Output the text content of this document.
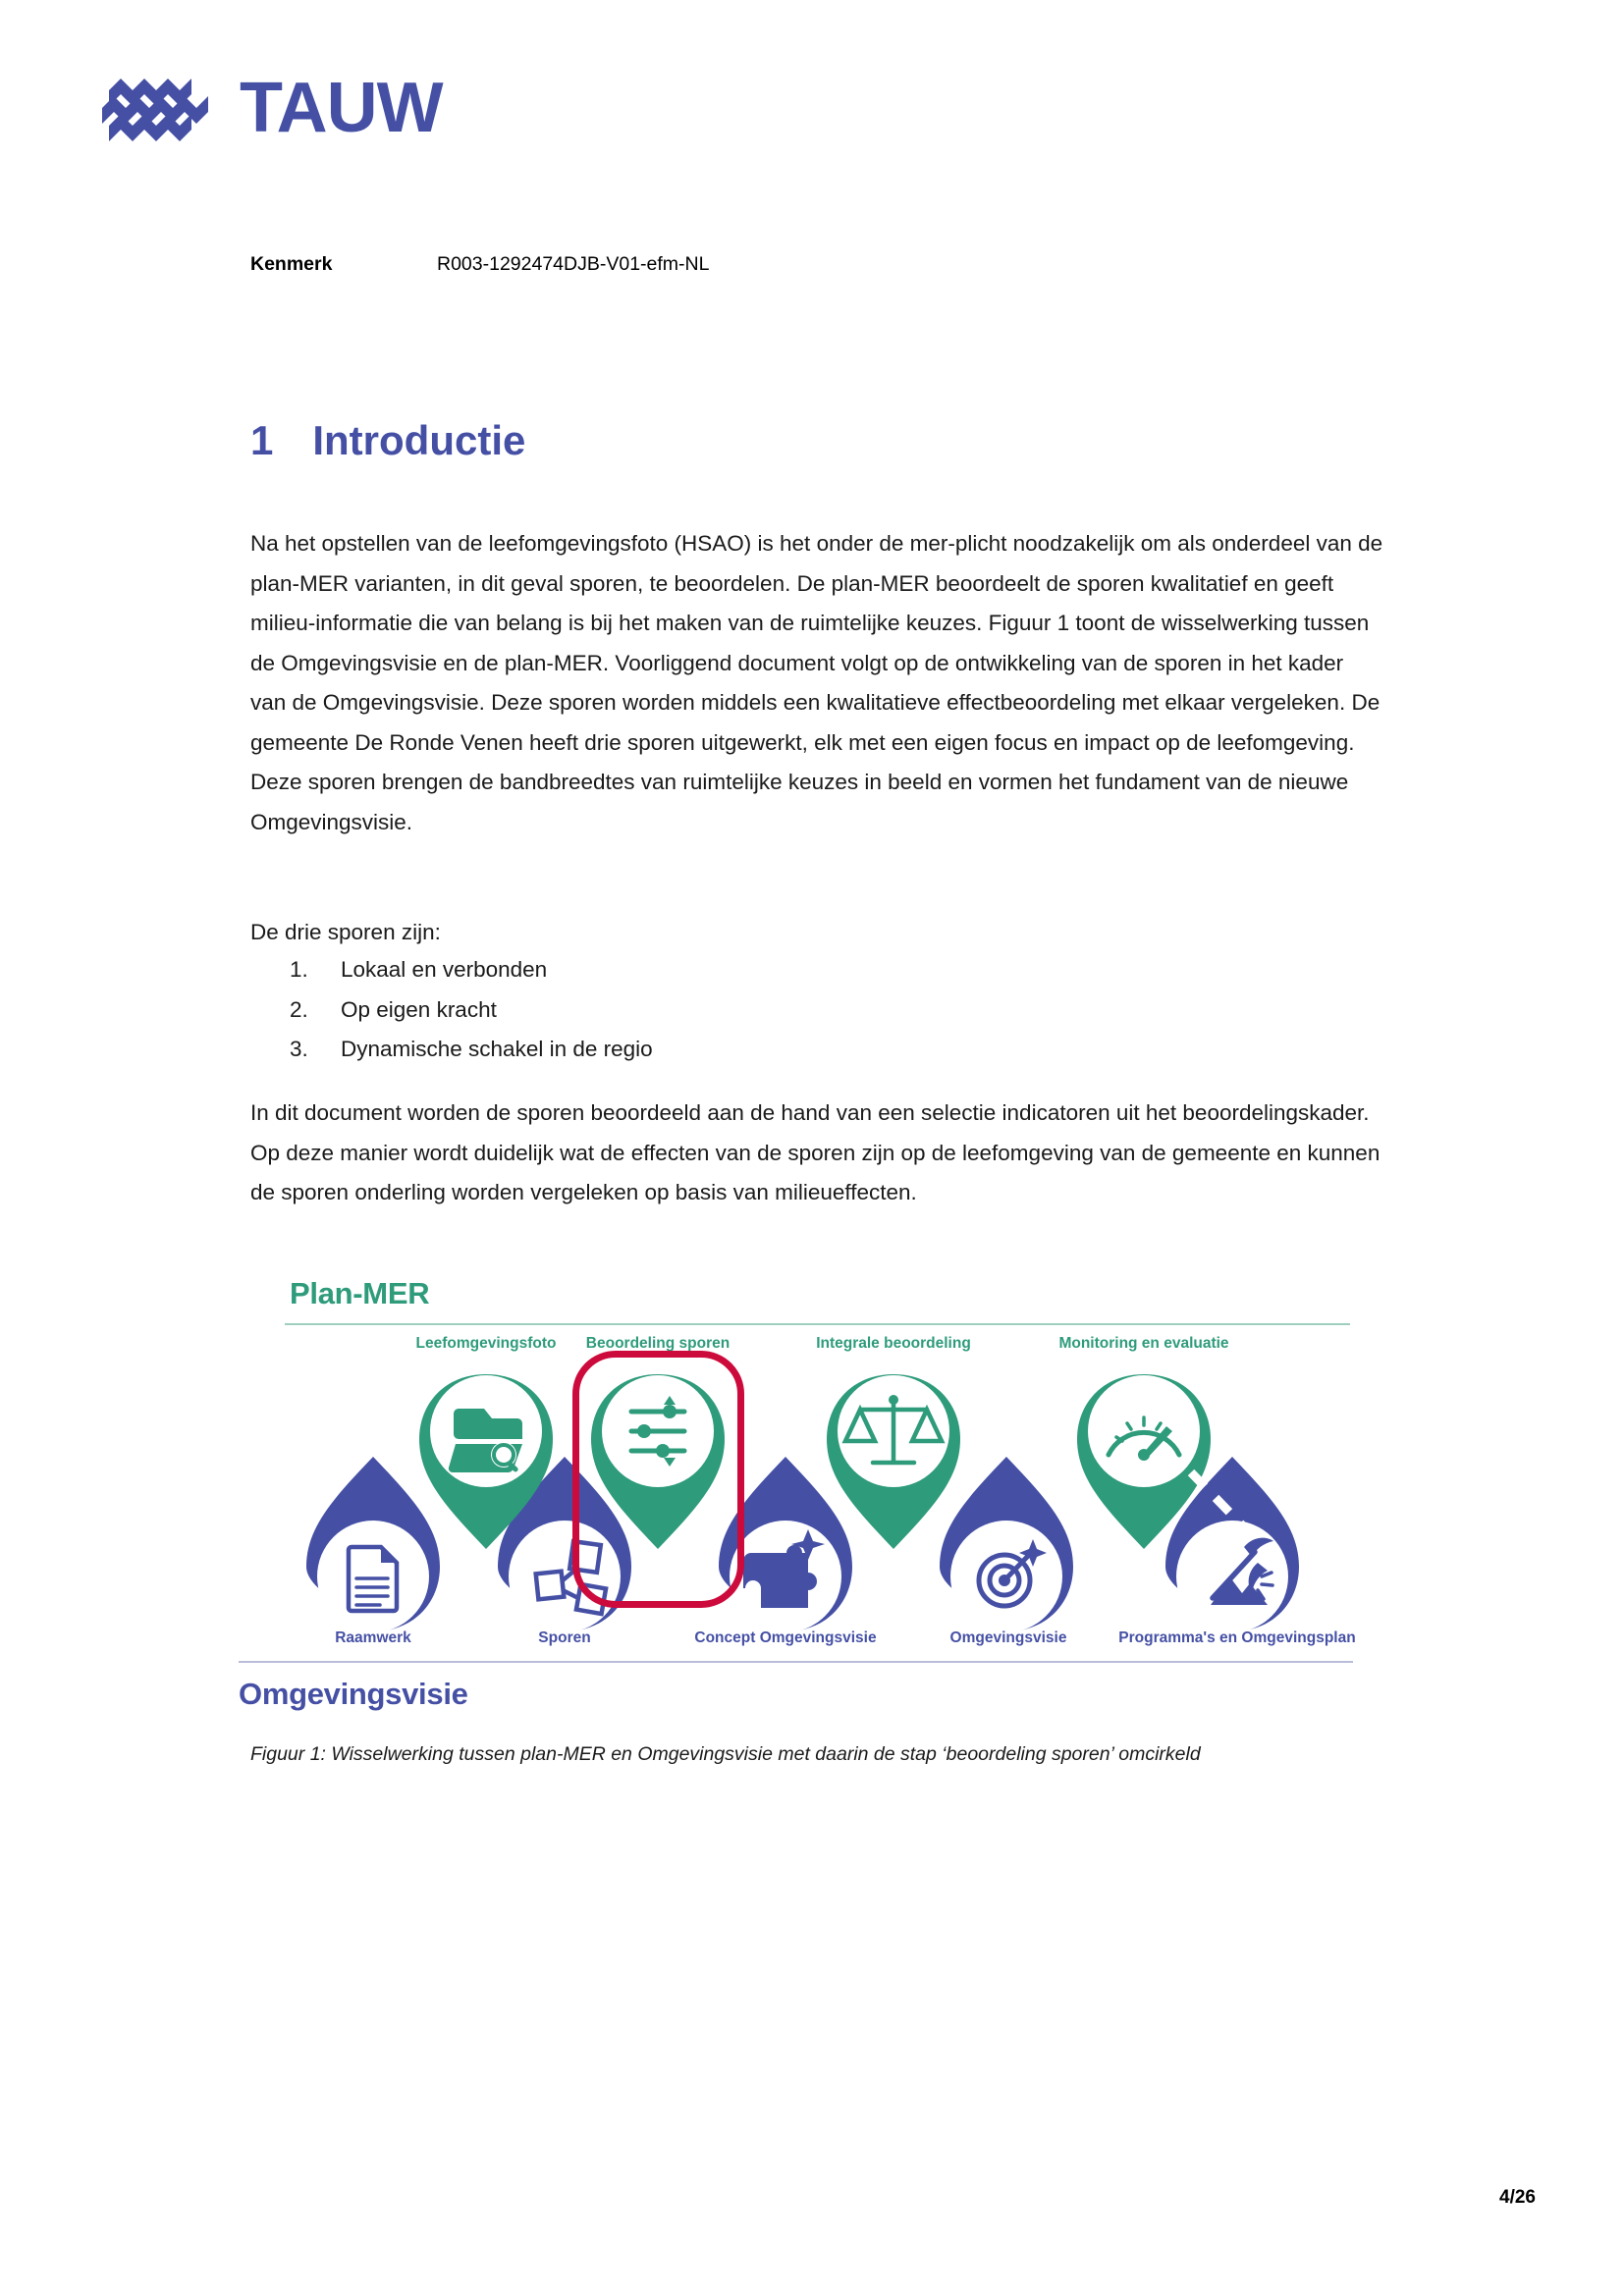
TAUW
Kenmerk	R003-1292474DJB-V01-efm-NL
1 Introductie
Na het opstellen van de leefomgevingsfoto (HSAO) is het onder de mer-plicht noodzakelijk om als onderdeel van de plan-MER varianten, in dit geval sporen, te beoordelen. De plan-MER beoordeelt de sporen kwalitatief en geeft milieu-informatie die van belang is bij het maken van de ruimtelijke keuzes. Figuur 1 toont de wisselwerking tussen de Omgevingsvisie en de plan-MER. Voorliggend document volgt op de ontwikkeling van de sporen in het kader van de Omgevingsvisie. Deze sporen worden middels een kwalitatieve effectbeoordeling met elkaar vergeleken. De gemeente De Ronde Venen heeft drie sporen uitgewerkt, elk met een eigen focus en impact op de leefomgeving. Deze sporen brengen de bandbreedtes van ruimtelijke keuzes in beeld en vormen het fundament van de nieuwe Omgevingsvisie.
De drie sporen zijn:
1.	Lokaal en verbonden
2.	Op eigen kracht
3.	Dynamische schakel in de regio
In dit document worden de sporen beoordeeld aan de hand van een selectie indicatoren uit het beoordelingskader. Op deze manier wordt duidelijk wat de effecten van de sporen zijn op de leefomgeving van de gemeente en kunnen de sporen onderling worden vergeleken op basis van milieueffecten.
Plan-MER
Leefomgevingsfoto Beoordeling sporen	Integrale beoordeling	Monitoring en evaluatie
Raamwerk	Sporen	Concept Omgevingsvisie	Omgevingsvisie	Programma's en Omgevingsplan
Omgevingsvisie
Figuur 1: Wisselwerking tussen plan-MER en Omgevingsvisie met daarin de stap ‘beoordeling sporen’ omcirkeld
4/26
